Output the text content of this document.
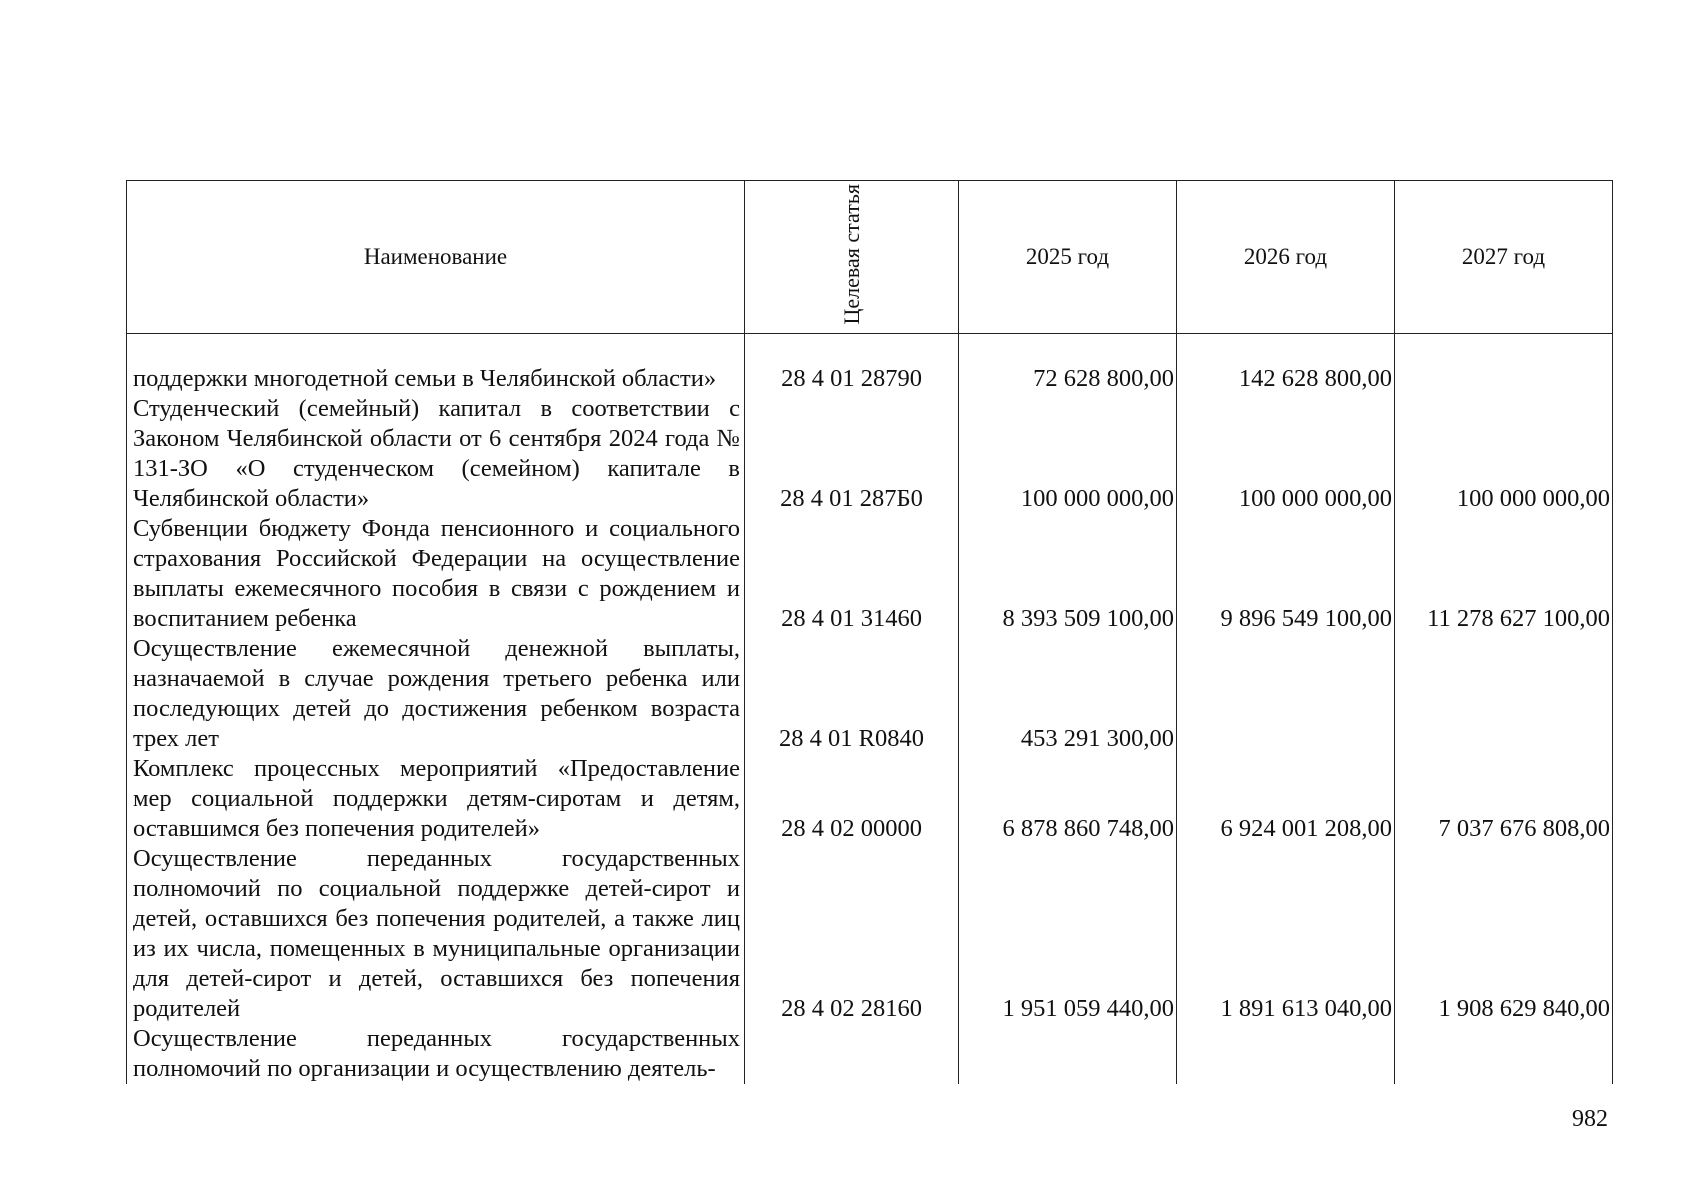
Наименование	Целевая статья	2025 год	2026 год	2027 год
поддержки многодетной семьи в Челябинской области»	28 4 01 28790	72 628 800,00	142 628 800,00	
Студенческий (семейный) капитал в соответствии с Законом Челябинской области от 6 сентября 2024 года № 131-ЗО «О студенческом (семейном) капитале в Челябинской области»	28 4 01 287Б0	100 000 000,00	100 000 000,00	100 000 000,00
Субвенции бюджету Фонда пенсионного и социального страхования Российской Федерации на осуществление выплаты ежемесячного пособия в связи с рождением и воспитанием ребенка	28 4 01 31460	8 393 509 100,00	9 896 549 100,00	11 278 627 100,00
Осуществление ежемесячной денежной выплаты, назначаемой в случае рождения третьего ребенка или последующих детей до достижения ребенком возраста трех лет	28 4 01 R0840	453 291 300,00		
Комплекс процессных мероприятий «Предоставление мер социальной поддержки детям-сиротам и детям, оставшимся без попечения родителей»	28 4 02 00000	6 878 860 748,00	6 924 001 208,00	7 037 676 808,00
Осуществление переданных государственных полномочий по социальной поддержке детей-сирот и детей, оставшихся без попечения родителей, а также лиц из их числа, помещенных в муниципальные организации для детей-сирот и детей, оставшихся без попечения родителей	28 4 02 28160	1 951 059 440,00	1 891 613 040,00	1 908 629 840,00
Осуществление переданных государственных полномочий по организации и осуществлению деятель-				
982
